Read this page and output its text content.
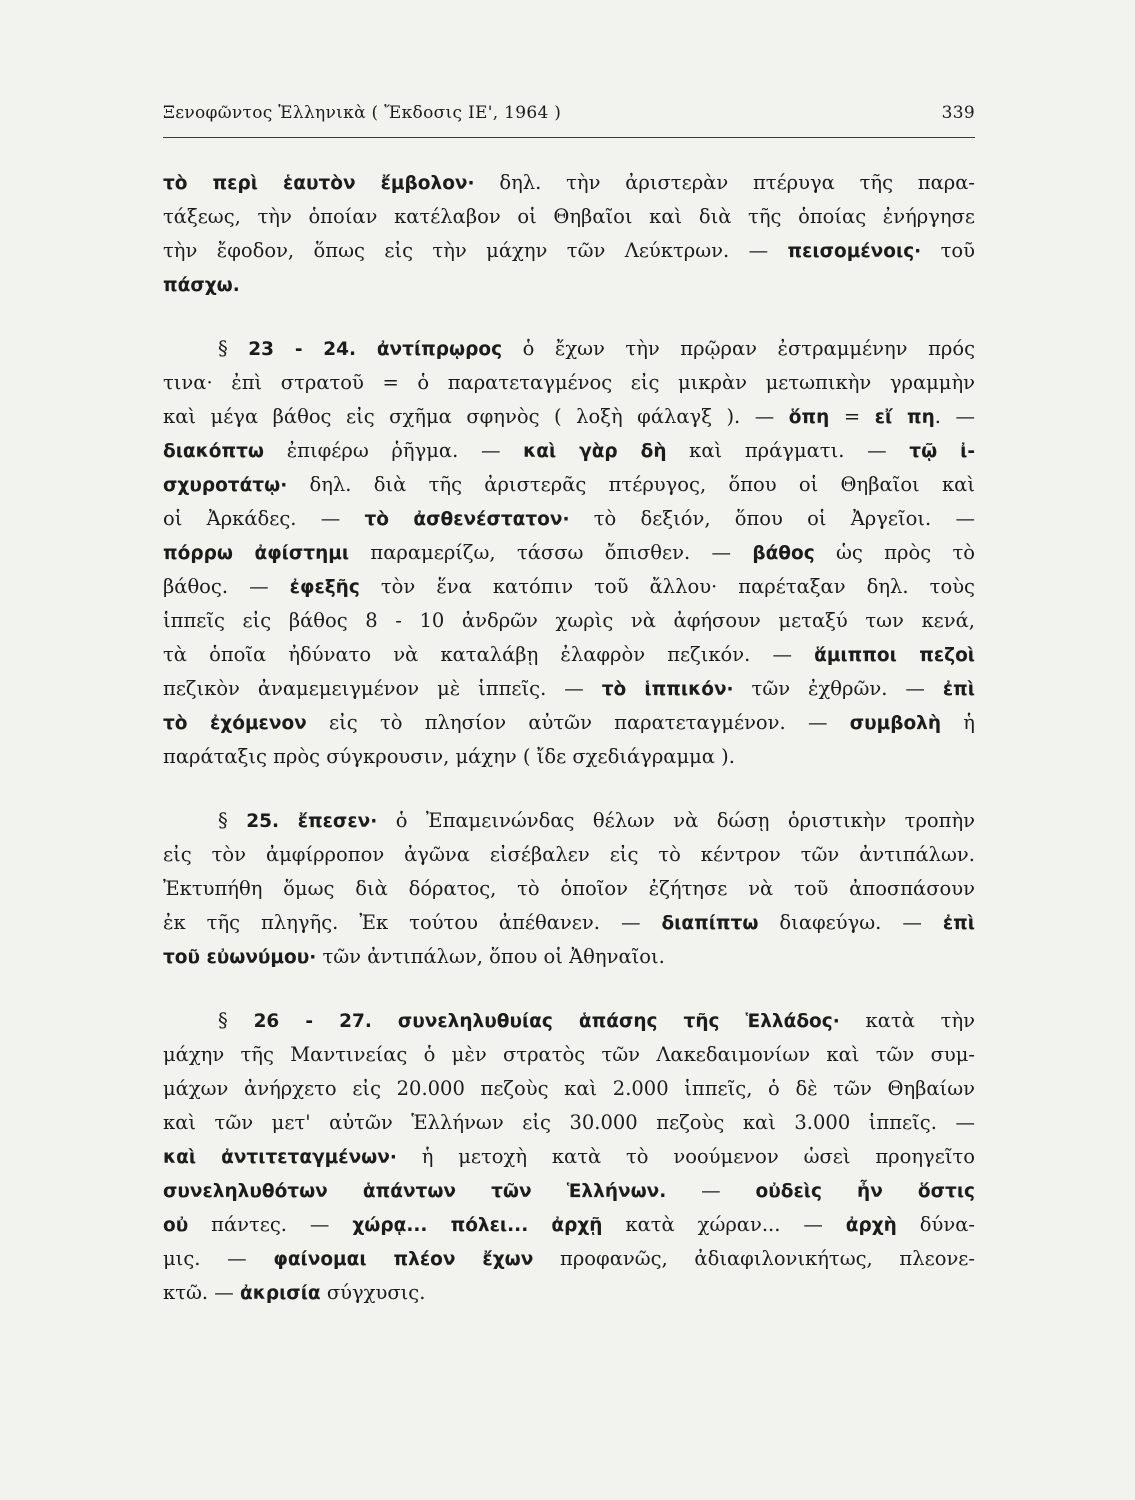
Ξενοφῶντος Ἑλληνικὰ ( Ἔκδοσις ΙΕ', 1964 )	339
τὸ περὶ ἑαυτὸν ἔμβολον· δηλ. τὴν ἀριστερὰν πτέρυγα τῆς παρα-
τάξεως, τὴν ὁποίαν κατέλαβον οἱ Θηβαῖοι καὶ διὰ τῆς ὁποίας ἐνήργησε
τὴν ἔφοδον, ὅπως εἰς τὴν μάχην τῶν Λεύκτρων. — πεισομένοις· τοῦ
πάσχω.
§ 23 - 24. ἀντίπρῳρος ὁ ἔχων τὴν πρῷραν ἐστραμμένην πρός
τινα· ἐπὶ στρατοῦ = ὁ παρατεταγμένος εἰς μικρὰν μετωπικὴν γραμμὴν
καὶ μέγα βάθος εἰς σχῆμα σφηνὸς ( λοξὴ φάλαγξ ). — ὅπη = εἴ πη. —
διακόπτω ἐπιφέρω ῥῆγμα. — καὶ γὰρ δὴ καὶ πράγματι. — τῷ ἰ-
σχυροτάτῳ· δηλ. διὰ τῆς ἀριστερᾶς πτέρυγος, ὅπου οἱ Θηβαῖοι καὶ
οἱ Ἀρκάδες. — τὸ ἀσθενέστατον· τὸ δεξιόν, ὅπου οἱ Ἀργεῖοι. —
πόρρω ἀφίστημι παραμερίζω, τάσσω ὄπισθεν. — βάθος ὡς πρὸς τὸ
βάθος. — ἐφεξῆς τὸν ἕνα κατόπιν τοῦ ἄλλου· παρέταξαν δηλ. τοὺς
ἱππεῖς εἰς βάθος 8 - 10 ἀνδρῶν χωρὶς νὰ ἀφήσουν μεταξύ των κενά,
τὰ ὁποῖα ἠδύνατο νὰ καταλάβῃ ἐλαφρὸν πεζικόν. — ἅμιπποι πεζοὶ
πεζικὸν ἀναμεμειγμένον μὲ ἱππεῖς. — τὸ ἱππικόν· τῶν ἐχθρῶν. — ἐπὶ
τὸ ἐχόμενον εἰς τὸ πλησίον αὐτῶν παρατεταγμένον. — συμβολὴ ἡ
παράταξις πρὸς σύγκρουσιν, μάχην ( ἴδε σχεδιάγραμμα ).
§ 25. ἔπεσεν· ὁ Ἐπαμεινώνδας θέλων νὰ δώσῃ ὁριστικὴν τροπὴν
εἰς τὸν ἀμφίρροπον ἀγῶνα εἰσέβαλεν εἰς τὸ κέντρον τῶν ἀντιπάλων.
Ἐκτυπήθη ὅμως διὰ δόρατος, τὸ ὁποῖον ἐζήτησε νὰ τοῦ ἀποσπάσουν
ἐκ τῆς πληγῆς. Ἐκ τούτου ἀπέθανεν. — διαπίπτω διαφεύγω. — ἐπὶ
τοῦ εὐωνύμου· τῶν ἀντιπάλων, ὅπου οἱ Ἀθηναῖοι.
§ 26 - 27. συνεληλυθυίας ἁπάσης τῆς Ἑλλάδος· κατὰ τὴν
μάχην τῆς Μαντινείας ὁ μὲν στρατὸς τῶν Λακεδαιμονίων καὶ τῶν συμ-
μάχων ἀνήρχετο εἰς 20.000 πεζοὺς καὶ 2.000 ἱππεῖς, ὁ δὲ τῶν Θηβαίων
καὶ τῶν μετ' αὐτῶν Ἑλλήνων εἰς 30.000 πεζοὺς καὶ 3.000 ἱππεῖς. —
καὶ ἀντιτεταγμένων· ἡ μετοχὴ κατὰ τὸ νοούμενον ὡσεὶ προηγεῖτο
συνεληλυθότων ἁπάντων τῶν Ἑλλήνων. — οὐδεὶς ἦν ὅστις
οὐ πάντες. — χώρᾳ... πόλει... ἀρχῇ κατὰ χώραν... — ἀρχὴ δύνα-
μις. — φαίνομαι πλέον ἔχων προφανῶς, ἀδιαφιλονικήτως, πλεονε-
κτῶ. — ἀκρισία σύγχυσις.
